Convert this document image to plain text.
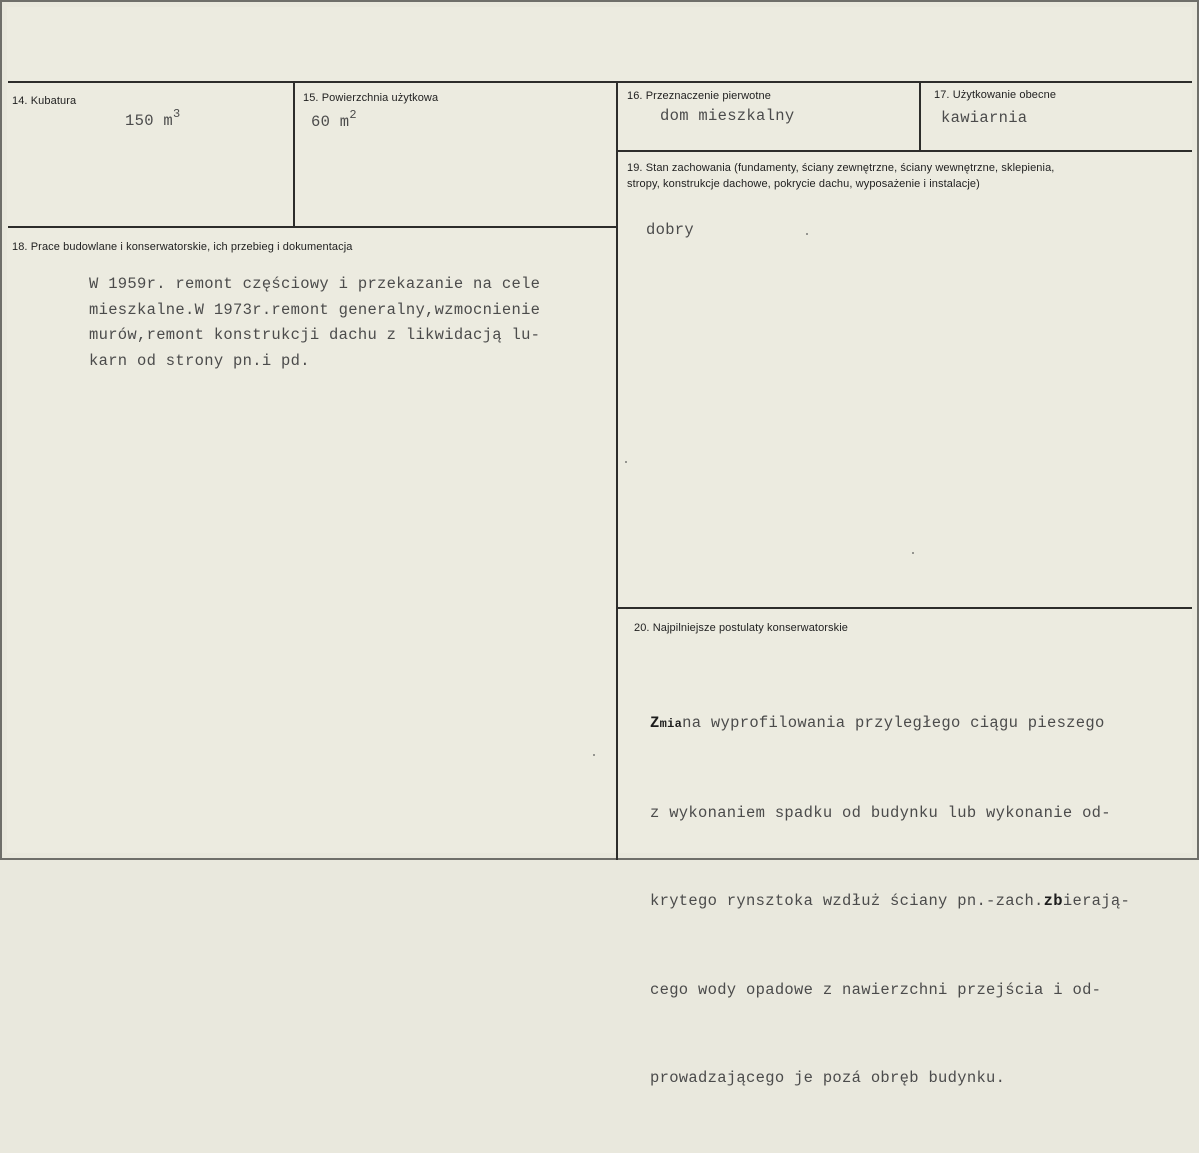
14. Kubatura
150 $m^3$
15. Powierzchnia użytkowa
60 $m^2$
16. Przeznaczenie pierwotne
dom mieszkalny
17. Użytkowanie obecne
kawiarnia
19. Stan zachowania (fundamenty, ściany zewnętrzne, ściany wewnętrzne, sklepienia,
stropy, konstrukcje dachowe, pokrycie dachu, wyposażenie i instalacje)
dobry
18. Prace budowlane i konserwatorskie, ich przebieg i dokumentacja
W 1959r. remont częściowy i przekazanie na cele
mieszkalne.W 1973r.remont generalny,wzmocnienie
murów,remont konstrukcji dachu z likwidacją lu-
karn od strony pn.i pd.
20. Najpilniejsze postulaty konserwatorskie

Zmiana wyprofilowania przyległego ciągu pieszego

z wykonaniem spadku od budynku lub wykonanie od-

krytego rynsztoka wzdłuż ściany pn.-zach.zbierają-

cego wody opadowe z nawierzchni przejścia i od-

prowadzającego je pozá obręb budynku.
